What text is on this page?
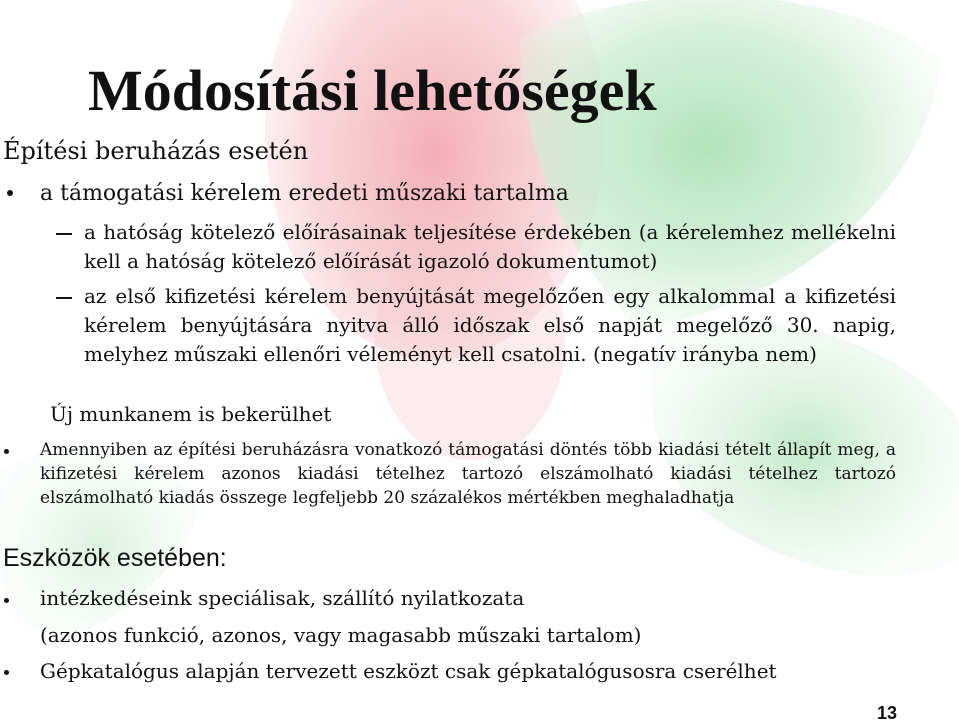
Módosítási lehetőségek
Építési beruházás esetén
a támogatási kérelem eredeti műszaki tartalma
a hatóság kötelező előírásainak teljesítése érdekében (a kérelemhez mellékelni kell a hatóság kötelező előírását igazoló dokumentumot)
az első kifizetési kérelem benyújtását megelőzően egy alkalommal a kifizetési kérelem benyújtására nyitva álló időszak első napját megelőző 30. napig, melyhez műszaki ellenőri véleményt kell csatolni. (negatív irányba nem)
Új munkanem is bekerülhet
Amennyiben az építési beruházásra vonatkozó támogatási döntés több kiadási tételt állapít meg, a kifizetési kérelem azonos kiadási tételhez tartozó elszámolható kiadási tételhez tartozó elszámolható kiadás összege legfeljebb 20 százalékos mértékben meghaladhatja
Eszközök esetében:
intézkedéseink speciálisak, szállító nyilatkozata
(azonos funkció, azonos, vagy magasabb műszaki tartalom)
Gépkatalógus alapján tervezett eszközt csak gépkatalógusosra cserélhet
13
